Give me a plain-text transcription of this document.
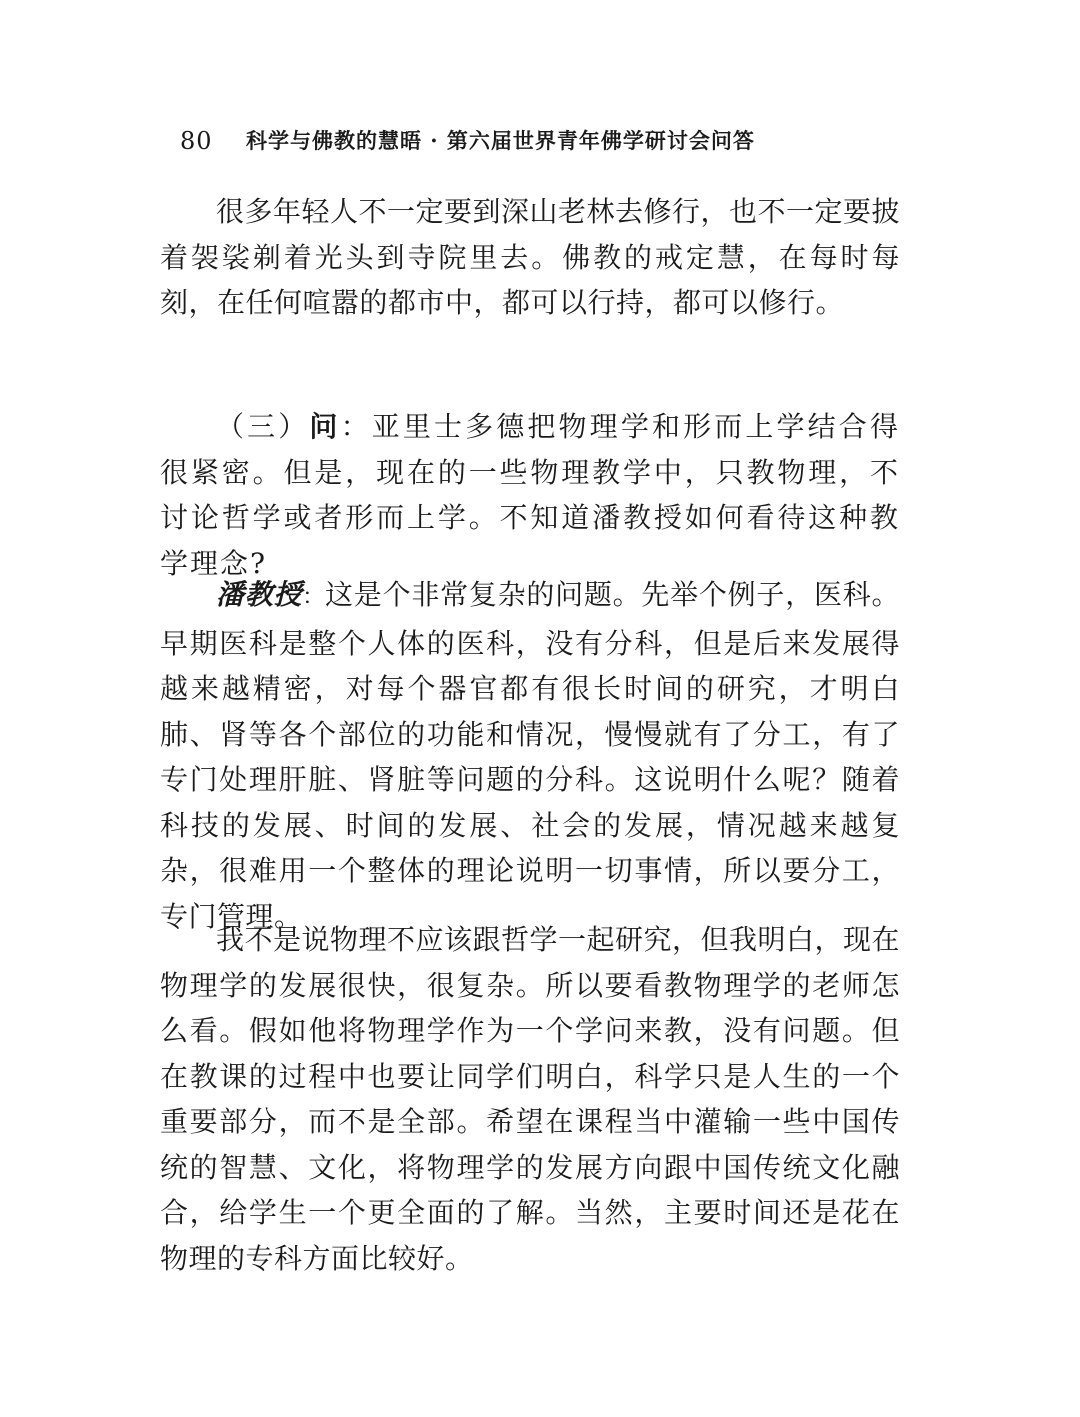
80 科学与佛教的慧晤 · 第六届世界青年佛学研讨会问答

很多年轻人不一定要到深山老林去修行，也不一定要披着袈裟剃着光头到寺院里去。佛教的戒定慧，在每时每刻，在任何喧嚣的都市中，都可以行持，都可以修行。

（三）问：亚里士多德把物理学和形而上学结合得很紧密。但是，现在的一些物理教学中，只教物理，不讨论哲学或者形而上学。不知道潘教授如何看待这种教学理念?

潘教授：这是个非常复杂的问题。先举个例子，医科。早期医科是整个人体的医科，没有分科，但是后来发展得越来越精密，对每个器官都有很长时间的研究，才明白肺、肾等各个部位的功能和情况，慢慢就有了分工，有了专门处理肝脏、肾脏等问题的分科。这说明什么呢？随着科技的发展、时间的发展、社会的发展，情况越来越复杂，很难用一个整体的理论说明一切事情，所以要分工，专门管理。

我不是说物理不应该跟哲学一起研究，但我明白，现在物理学的发展很快，很复杂。所以要看教物理学的老师怎么看。假如他将物理学作为一个学问来教，没有问题。但在教课的过程中也要让同学们明白，科学只是人生的一个重要部分，而不是全部。希望在课程当中灌输一些中国传统的智慧、文化，将物理学的发展方向跟中国传统文化融合，给学生一个更全面的了解。当然，主要时间还是花在物理的专科方面比较好。
